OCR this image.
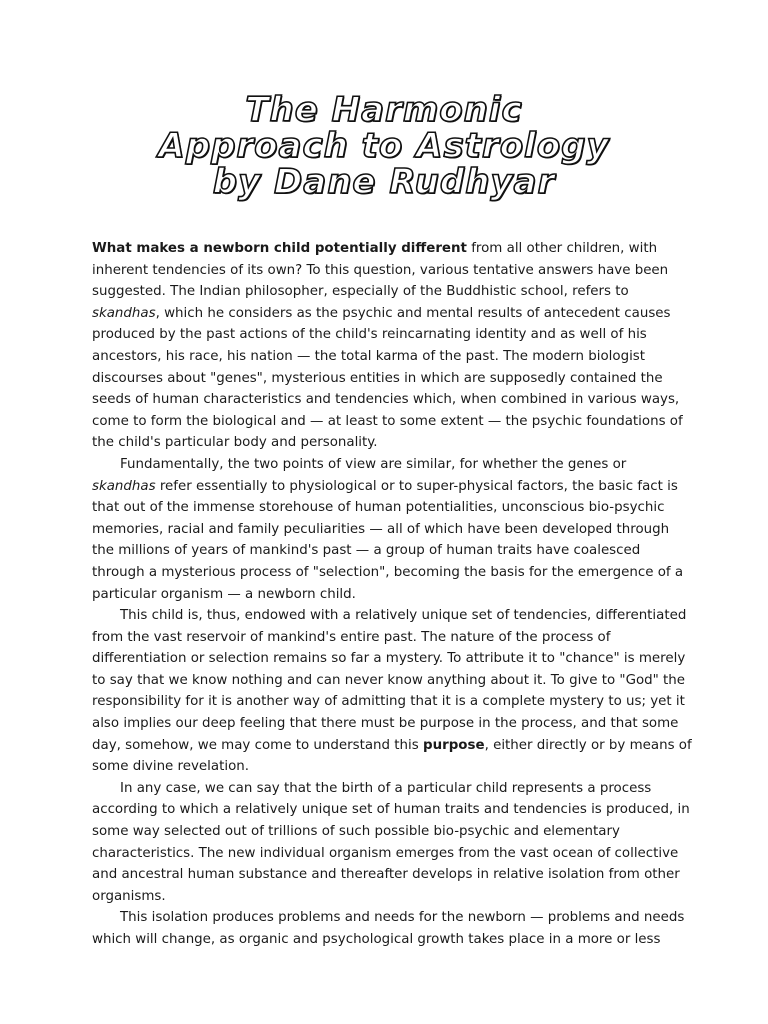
The Harmonic
Approach to Astrology
by Dane Rudhyar

What makes a newborn child potentially different from all other children, with inherent tendencies of its own? To this question, various tentative answers have been suggested. The Indian philosopher, especially of the Buddhistic school, refers to skandhas, which he considers as the psychic and mental results of antecedent causes produced by the past actions of the child's reincarnating identity and as well of his ancestors, his race, his nation — the total karma of the past. The modern biologist discourses about "genes", mysterious entities in which are supposedly contained the seeds of human characteristics and tendencies which, when combined in various ways, come to form the biological and — at least to some extent — the psychic foundations of the child's particular body and personality.

Fundamentally, the two points of view are similar, for whether the genes or skandhas refer essentially to physiological or to super-physical factors, the basic fact is that out of the immense storehouse of human potentialities, unconscious bio-psychic memories, racial and family peculiarities — all of which have been developed through the millions of years of mankind's past — a group of human traits have coalesced through a mysterious process of "selection", becoming the basis for the emergence of a particular organism — a newborn child.

This child is, thus, endowed with a relatively unique set of tendencies, differentiated from the vast reservoir of mankind's entire past. The nature of the process of differentiation or selection remains so far a mystery. To attribute it to "chance" is merely to say that we know nothing and can never know anything about it. To give to "God" the responsibility for it is another way of admitting that it is a complete mystery to us; yet it also implies our deep feeling that there must be purpose in the process, and that some day, somehow, we may come to understand this purpose, either directly or by means of some divine revelation.

In any case, we can say that the birth of a particular child represents a process according to which a relatively unique set of human traits and tendencies is produced, in some way selected out of trillions of such possible bio-psychic and elementary characteristics. The new individual organism emerges from the vast ocean of collective and ancestral human substance and thereafter develops in relative isolation from other organisms.

This isolation produces problems and needs for the newborn — problems and needs which will change, as organic and psychological growth takes place in a more or less
